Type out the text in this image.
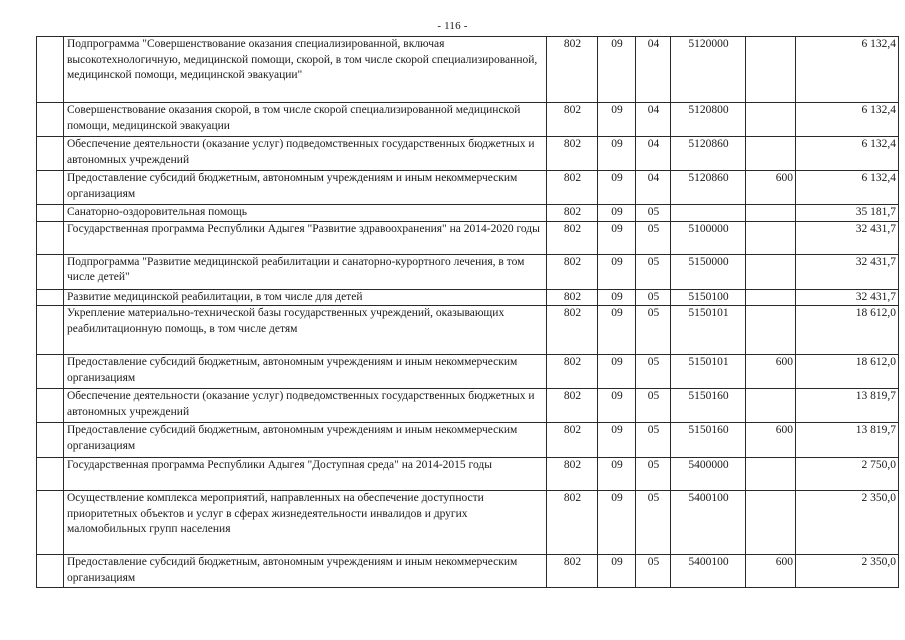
- 116 -
	Подпрограмма "Совершенствование оказания специализированной, включая высокотехнологичную, медицинской помощи, скорой, в том числе скорой специализированной, медицинской помощи, медицинской эвакуации"	802	09	04	5120000		6 132,4
	Совершенствование оказания скорой, в том числе скорой специализированной медицинской помощи, медицинской эвакуации	802	09	04	5120800		6 132,4
	Обеспечение деятельности (оказание услуг) подведомственных государственных бюджетных и автономных учреждений	802	09	04	5120860		6 132,4
	Предоставление субсидий бюджетным, автономным учреждениям и иным некоммерческим организациям	802	09	04	5120860	600	6 132,4
	Санаторно-оздоровительная помощь	802	09	05			35 181,7
	Государственная программа Республики Адыгея "Развитие здравоохранения" на 2014-2020 годы	802	09	05	5100000		32 431,7
	Подпрограмма "Развитие медицинской реабилитации и санаторно-курортного лечения, в том числе детей"	802	09	05	5150000		32 431,7
	Развитие медицинской реабилитации, в том числе для детей	802	09	05	5150100		32 431,7
	Укрепление материально-технической базы государственных учреждений, оказывающих реабилитационную помощь, в том числе детям	802	09	05	5150101		18 612,0
	Предоставление субсидий бюджетным, автономным учреждениям и иным некоммерческим организациям	802	09	05	5150101	600	18 612,0
	Обеспечение деятельности (оказание услуг) подведомственных государственных бюджетных и автономных учреждений	802	09	05	5150160		13 819,7
	Предоставление субсидий бюджетным, автономным учреждениям и иным некоммерческим организациям	802	09	05	5150160	600	13 819,7
	Государственная программа Республики Адыгея "Доступная среда" на 2014-2015 годы	802	09	05	5400000		2 750,0
	Осуществление комплекса мероприятий, направленных на обеспечение доступности приоритетных объектов и услуг в сферах жизнедеятельности инвалидов и других маломобильных групп населения	802	09	05	5400100		2 350,0
	Предоставление субсидий бюджетным, автономным учреждениям и иным некоммерческим организациям	802	09	05	5400100	600	2 350,0
